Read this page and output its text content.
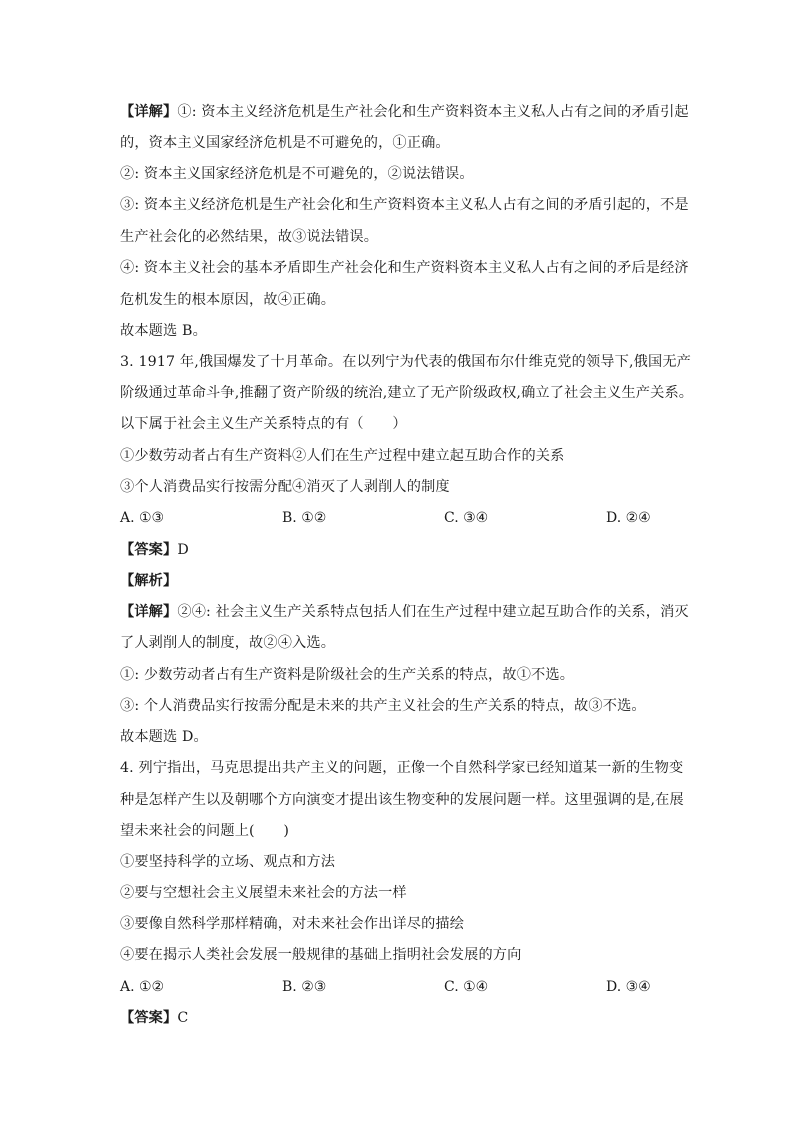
【详解】①: 资本主义经济危机是生产社会化和生产资料资本主义私人占有之间的矛盾引起
的，资本主义国家经济危机是不可避免的，①正确。
②: 资本主义国家经济危机是不可避免的，②说法错误。
③: 资本主义经济危机是生产社会化和生产资料资本主义私人占有之间的矛盾引起的，不是
生产社会化的必然结果，故③说法错误。
④: 资本主义社会的基本矛盾即生产社会化和生产资料资本主义私人占有之间的矛后是经济
危机发生的根本原因，故④正确。
故本题选 B。
3. 1917 年,俄国爆发了十月革命。在以列宁为代表的俄国布尔什维克党的领导下,俄国无产
阶级通过革命斗争,推翻了资产阶级的统治,建立了无产阶级政权,确立了社会主义生产关系。
以下属于社会主义生产关系特点的有（　　）
①少数劳动者占有生产资料②人们在生产过程中建立起互助合作的关系
③个人消费品实行按需分配④消灭了人剥削人的制度
A. ①③	B. ①②	C. ③④	D. ②④
【答案】D
【解析】
【详解】②④: 社会主义生产关系特点包括人们在生产过程中建立起互助合作的关系，消灭
了人剥削人的制度，故②④入选。
①: 少数劳动者占有生产资料是阶级社会的生产关系的特点，故①不选。
③: 个人消费品实行按需分配是未来的共产主义社会的生产关系的特点，故③不选。
故本题选 D。
4. 列宁指出，马克思提出共产主义的问题，正像一个自然科学家已经知道某一新的生物变
种是怎样产生以及朝哪个方向演变才提出该生物变种的发展问题一样。这里强调的是,在展
望未来社会的问题上(　　)
①要坚持科学的立场、观点和方法
②要与空想社会主义展望未来社会的方法一样
③要像自然科学那样精确，对未来社会作出详尽的描绘
④要在揭示人类社会发展一般规律的基础上指明社会发展的方向
A. ①②	B. ②③	C. ①④	D. ③④
【答案】C
